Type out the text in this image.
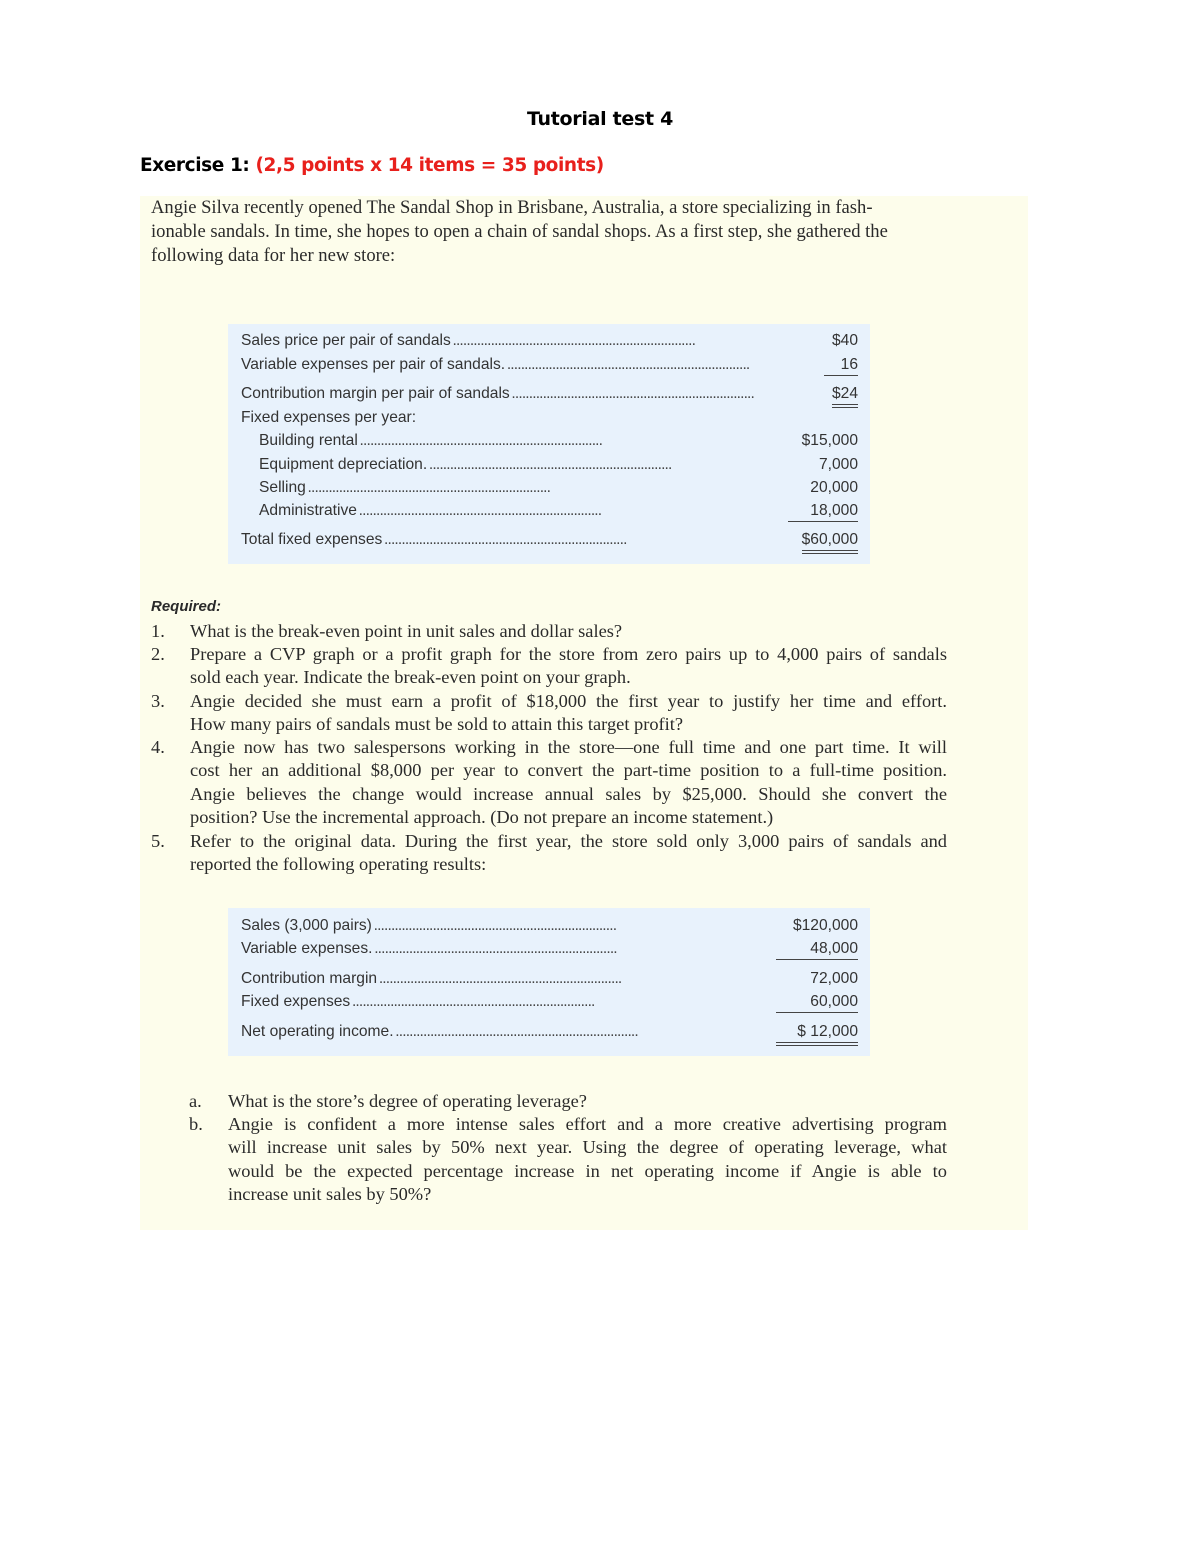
Tutorial test 4
Exercise 1: (2,5 points x 14 items = 35 points)
Angie Silva recently opened The Sandal Shop in Brisbane, Australia, a store specializing in fash-
ionable sandals. In time, she hopes to open a chain of sandal shops. As a first step, she gathered the
following data for her new store:
Sales price per pair of sandals . . .	$40
Variable expenses per pair of sandals. . . .	16
Contribution margin per pair of sandals . . .	$24
Fixed expenses per year:
Building rental . . .	$15,000
Equipment depreciation. . . .	7,000
Selling . . .	20,000
Administrative . . .	18,000
Total fixed expenses . . .	$60,000
Required:
1. What is the break-even point in unit sales and dollar sales?
2. Prepare a CVP graph or a profit graph for the store from zero pairs up to 4,000 pairs of sandals
sold each year. Indicate the break-even point on your graph.
3. Angie decided she must earn a profit of $18,000 the first year to justify her time and effort.
How many pairs of sandals must be sold to attain this target profit?
4. Angie now has two salespersons working in the store—one full time and one part time. It will
cost her an additional $8,000 per year to convert the part-time position to a full-time position.
Angie believes the change would increase annual sales by $25,000. Should she convert the
position? Use the incremental approach. (Do not prepare an income statement.)
5. Refer to the original data. During the first year, the store sold only 3,000 pairs of sandals and
reported the following operating results:
Sales (3,000 pairs) . . .	$120,000
Variable expenses. . . .	48,000
Contribution margin . . .	72,000
Fixed expenses . . .	60,000
Net operating income. . . .	$ 12,000
a. What is the store’s degree of operating leverage?
b. Angie is confident a more intense sales effort and a more creative advertising program
will increase unit sales by 50% next year. Using the degree of operating leverage, what
would be the expected percentage increase in net operating income if Angie is able to
increase unit sales by 50%?
